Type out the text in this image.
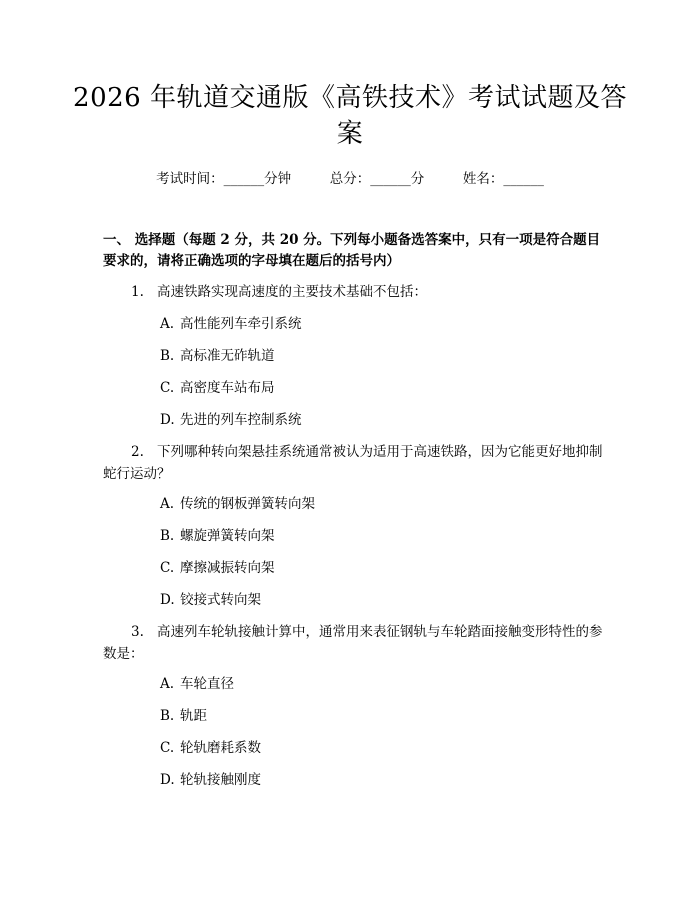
2026 年轨道交通版《高铁技术》考试试题及答案
考试时间：______分钟	总分：______分	姓名：______
一、 选择题（每题 2 分，共 20 分。下列每小题备选答案中，只有一项是符合题目要求的，请将正确选项的字母填在题后的括号内）
1. 高速铁路实现高速度的主要技术基础不包括：
A. 高性能列车牵引系统
B. 高标准无砟轨道
C. 高密度车站布局
D. 先进的列车控制系统
2. 下列哪种转向架悬挂系统通常被认为适用于高速铁路，因为它能更好地抑制蛇行运动？
A. 传统的钢板弹簧转向架
B. 螺旋弹簧转向架
C. 摩擦减振转向架
D. 铰接式转向架
3. 高速列车轮轨接触计算中，通常用来表征钢轨与车轮踏面接触变形特性的参数是：
A. 车轮直径
B. 轨距
C. 轮轨磨耗系数
D. 轮轨接触刚度
